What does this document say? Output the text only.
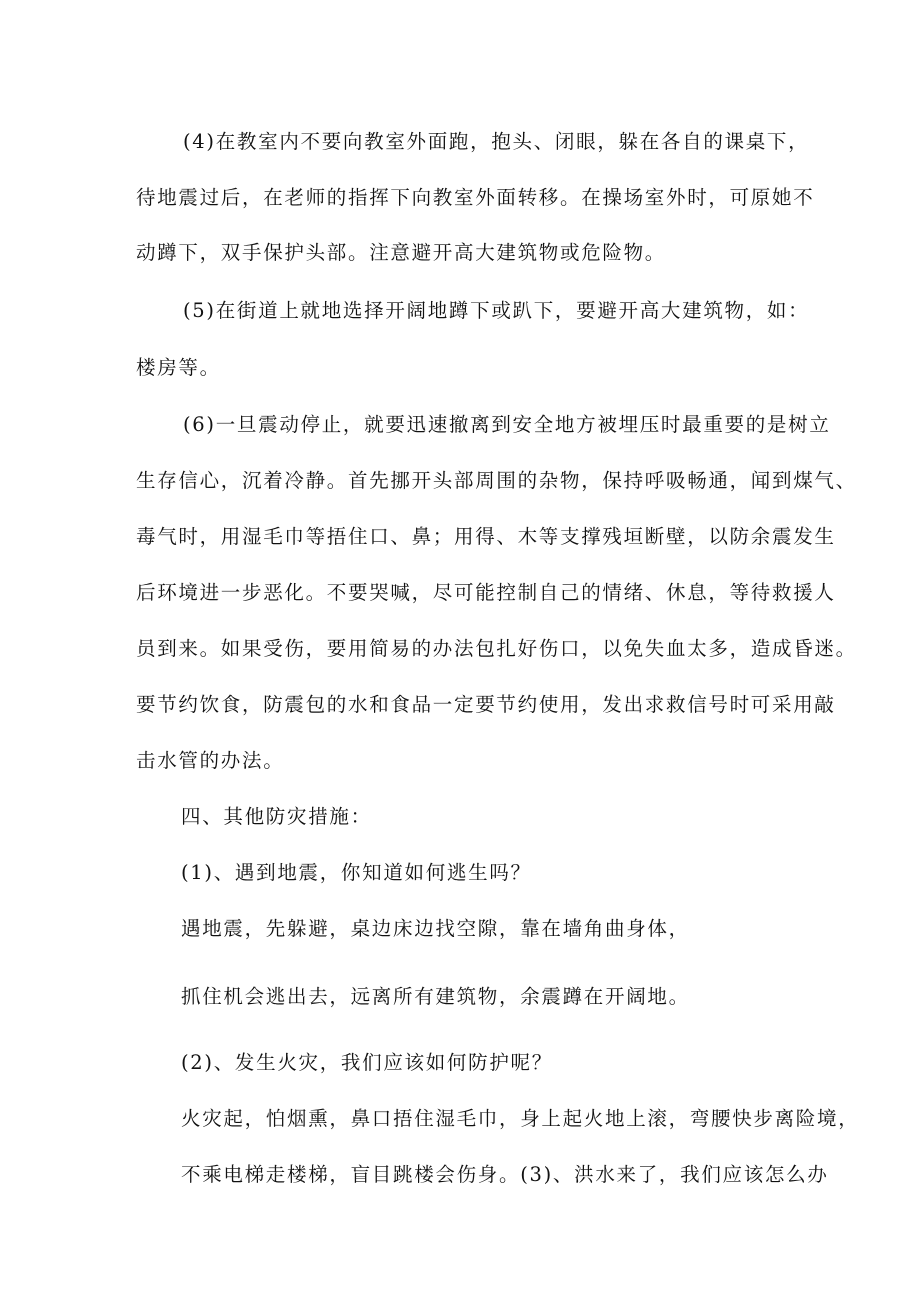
(4)在教室内不要向教室外面跑，抱头、闭眼，躲在各自的课桌下，
待地震过后，在老师的指挥下向教室外面转移。在操场室外时，可原她不
动蹲下，双手保护头部。注意避开高大建筑物或危险物。
(5)在街道上就地选择开阔地蹲下或趴下，要避开高大建筑物，如：
楼房等。
(6)一旦震动停止，就要迅速撤离到安全地方被埋压时最重要的是树立
生存信心，沉着冷静。首先挪开头部周围的杂物，保持呼吸畅通，闻到煤气、
毒气时，用湿毛巾等捂住口、鼻；用得、木等支撑残垣断壁，以防余震发生
后环境进一步恶化。不要哭喊，尽可能控制自己的情绪、休息，等待救援人
员到来。如果受伤，要用简易的办法包扎好伤口，以免失血太多，造成昏迷。
要节约饮食，防震包的水和食品一定要节约使用，发出求救信号时可采用敲
击水管的办法。
四、其他防灾措施：
(1)、遇到地震，你知道如何逃生吗？
遇地震，先躲避，桌边床边找空隙，靠在墙角曲身体，
抓住机会逃出去，远离所有建筑物，余震蹲在开阔地。
(2)、发生火灾，我们应该如何防护呢？
火灾起，怕烟熏，鼻口捂住湿毛巾，身上起火地上滚，弯腰快步离险境，
不乘电梯走楼梯，盲目跳楼会伤身。(3)、洪水来了，我们应该怎么办
